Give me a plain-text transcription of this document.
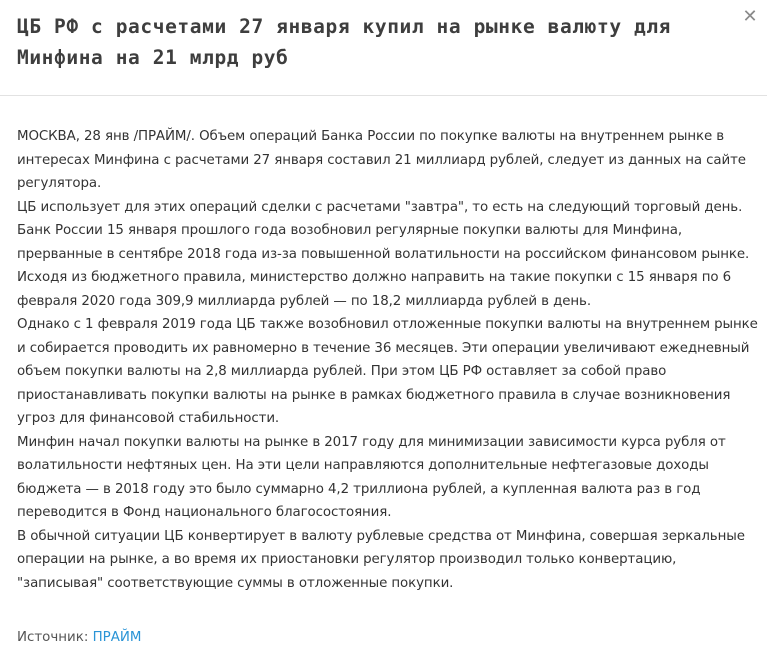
ЦБ РФ с расчетами 27 января купил на рынке валюту для Минфина на 21 млрд руб
✕

МОСКВА, 28 янв /ПРАЙМ/. Объем операций Банка России по покупке валюты на внутреннем рынке в интересах Минфина с расчетами 27 января составил 21 миллиард рублей, следует из данных на сайте регулятора.

ЦБ использует для этих операций сделки с расчетами "завтра", то есть на следующий торговый день.

Банк России 15 января прошлого года возобновил регулярные покупки валюты для Минфина, прерванные в сентябре 2018 года из-за повышенной волатильности на российском финансовом рынке.

Исходя из бюджетного правила, министерство должно направить на такие покупки с 15 января по 6 февраля 2020 года 309,9 миллиарда рублей — по 18,2 миллиарда рублей в день.

Однако с 1 февраля 2019 года ЦБ также возобновил отложенные покупки валюты на внутреннем рынке и собирается проводить их равномерно в течение 36 месяцев. Эти операции увеличивают ежедневный объем покупки валюты на 2,8 миллиарда рублей. При этом ЦБ РФ оставляет за собой право приостанавливать покупки валюты на рынке в рамках бюджетного правила в случае возникновения угроз для финансовой стабильности.

Минфин начал покупки валюты на рынке в 2017 году для минимизации зависимости курса рубля от волатильности нефтяных цен. На эти цели направляются дополнительные нефтегазовые доходы бюджета — в 2018 году это было суммарно 4,2 триллиона рублей, а купленная валюта раз в год переводится в Фонд национального благосостояния.

В обычной ситуации ЦБ конвертирует в валюту рублевые средства от Минфина, совершая зеркальные операции на рынке, а во время их приостановки регулятор производил только конвертацию, "записывая" соответствующие суммы в отложенные покупки.

Источник: ПРАЙМ
